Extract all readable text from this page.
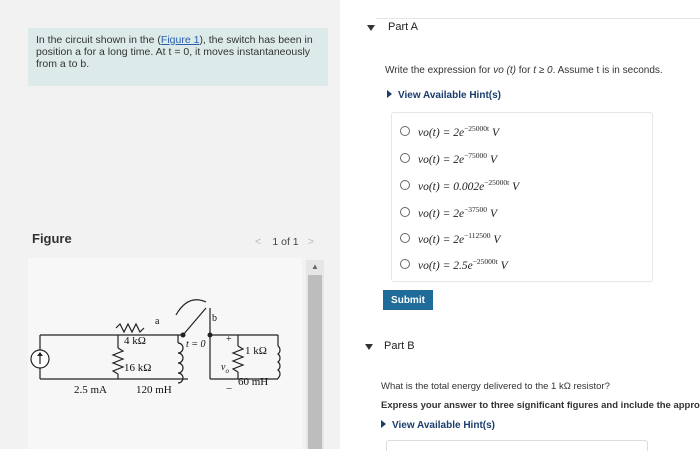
In the circuit shown in the (Figure 1), the switch has been in position a for a long time. At t = 0, it moves instantaneously from a to b.
Figure	< 1 of 1 >
2.5 mA
4 kΩ
16 kΩ
120 mH
a	b
t = 0 +
$v_o$
−
1 kΩ
60 mH
▲
Part A
Write the expression for vo (t) for t ≥ 0. Assume t is in seconds.
View Available Hint(s)
$vo(t) = 2e^{-25000t}$ V
$vo(t) = 2e^{-75000}$ V
$vo(t) = 0.002e^{-25000t}$ V
$vo(t) = 2e^{-37500}$ V
$vo(t) = 2e^{-112500}$ V
$vo(t) = 2.5e^{-25000t}$ V
Submit
Part B
What is the total energy delivered to the 1 kΩ resistor?
Express your answer to three significant figures and include the appro
View Available Hint(s)
